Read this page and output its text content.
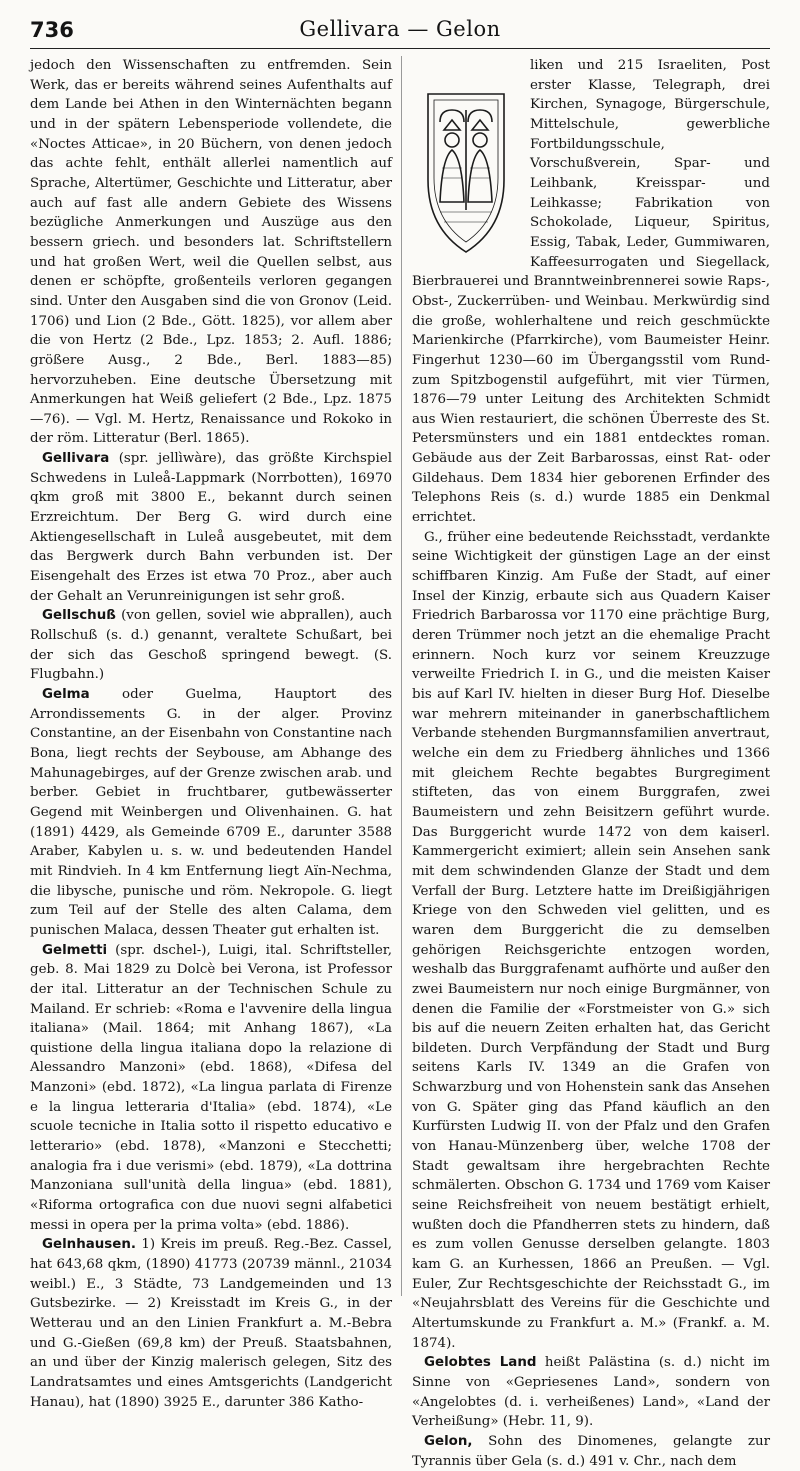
736	Gellivara — Gelon

jedoch den Wissenschaften zu entfremden. Sein Werk, das er bereits während seines Aufenthalts auf dem Lande bei Athen in den Winternächten begann und in der spätern Lebensperiode vollendete, die «Noctes Atticae», in 20 Büchern, von denen jedoch das achte fehlt, enthält allerlei namentlich auf Sprache, Altertümer, Geschichte und Litteratur, aber auch auf fast alle andern Gebiete des Wissens bezügliche Anmerkungen und Auszüge aus den bessern griech. und besonders lat. Schriftstellern und hat großen Wert, weil die Quellen selbst, aus denen er schöpfte, großenteils verloren gegangen sind. Unter den Ausgaben sind die von Gronov (Leid. 1706) und Lion (2 Bde., Gött. 1825), vor allem aber die von Hertz (2 Bde., Lpz. 1853; 2. Aufl. 1886; größere Ausg., 2 Bde., Berl. 1883—85) hervorzuheben. Eine deutsche Übersetzung mit Anmerkungen hat Weiß geliefert (2 Bde., Lpz. 1875—76). — Vgl. M. Hertz, Renaissance und Rokoko in der röm. Litteratur (Berl. 1865).

Gellivara (spr. jellìwàre), das größte Kirchspiel Schwedens in Luleå-Lappmark (Norrbotten), 16970 qkm groß mit 3800 E., bekannt durch seinen Erzreichtum. Der Berg G. wird durch eine Aktiengesellschaft in Luleå ausgebeutet, mit dem das Bergwerk durch Bahn verbunden ist. Der Eisengehalt des Erzes ist etwa 70 Proz., aber auch der Gehalt an Verunreinigungen ist sehr groß.

Gellschuß (von gellen, soviel wie abprallen), auch Rollschuß (s. d.) genannt, veraltete Schußart, bei der sich das Geschoß springend bewegt. (S. Flugbahn.)

Gelma oder Guelma, Hauptort des Arrondissements G. in der alger. Provinz Constantine, an der Eisenbahn von Constantine nach Bona, liegt rechts der Seybouse, am Abhange des Mahunagebirges, auf der Grenze zwischen arab. und berber. Gebiet in fruchtbarer, gutbewässerter Gegend mit Weinbergen und Olivenhainen. G. hat (1891) 4429, als Gemeinde 6709 E., darunter 3588 Araber, Kabylen u. s. w. und bedeutenden Handel mit Rindvieh. In 4 km Entfernung liegt Aïn-Nechma, die libysche, punische und röm. Nekropole. G. liegt zum Teil auf der Stelle des alten Calama, dem punischen Malaca, dessen Theater gut erhalten ist.

Gelmetti (spr. dschel-), Luigi, ital. Schriftsteller, geb. 8. Mai 1829 zu Dolcè bei Verona, ist Professor der ital. Litteratur an der Technischen Schule zu Mailand. Er schrieb: «Roma e l'avvenire della lingua italiana» (Mail. 1864; mit Anhang 1867), «La quistione della lingua italiana dopo la relazione di Alessandro Manzoni» (ebd. 1868), «Difesa del Manzoni» (ebd. 1872), «La lingua parlata di Firenze e la lingua letteraria d'Italia» (ebd. 1874), «Le scuole tecniche in Italia sotto il rispetto educativo e letterario» (ebd. 1878), «Manzoni e Stecchetti; analogia fra i due verismi» (ebd. 1879), «La dottrina Manzoniana sull'unità della lingua» (ebd. 1881), «Riforma ortografica con due nuovi segni alfabetici messi in opera per la prima volta» (ebd. 1886).

Gelnhausen. 1) Kreis im preuß. Reg.-Bez. Cassel, hat 643,68 qkm, (1890) 41773 (20739 männl., 21034 weibl.) E., 3 Städte, 73 Landgemeinden und 13 Gutsbezirke. — 2) Kreisstadt im Kreis G., in der Wetterau und an den Linien Frankfurt a. M.-Bebra und G.-Gießen (69,8 km) der Preuß. Staatsbahnen, an und über der Kinzig malerisch gelegen, Sitz des Landratsamtes und eines Amtsgerichts (Landgericht Hanau), hat (1890) 3925 E., darunter 386 Katho-

liken und 215 Israeliten, Post erster Klasse, Telegraph, drei Kirchen, Synagoge, Bürgerschule, Mittelschule, gewerbliche Fortbildungsschule, Vorschußverein, Spar- und Leihbank, Kreisspar- und Leihkasse; Fabrikation von Schokolade, Liqueur, Spiritus, Essig, Tabak, Leder, Gummiwaren, Kaffeesurrogaten und Siegellack, Bierbrauerei und Branntweinbrennerei sowie Raps-, Obst-, Zuckerrüben- und Weinbau. Merkwürdig sind die große, wohlerhaltene und reich geschmückte Marienkirche (Pfarrkirche), vom Baumeister Heinr. Fingerhut 1230—60 im Übergangsstil vom Rund- zum Spitzbogenstil aufgeführt, mit vier Türmen, 1876—79 unter Leitung des Architekten Schmidt aus Wien restauriert, die schönen Überreste des St. Petersmünsters und ein 1881 entdecktes roman. Gebäude aus der Zeit Barbarossas, einst Rat- oder Gildehaus. Dem 1834 hier geborenen Erfinder des Telephons Reis (s. d.) wurde 1885 ein Denkmal errichtet.

G., früher eine bedeutende Reichsstadt, verdankte seine Wichtigkeit der günstigen Lage an der einst schiffbaren Kinzig. Am Fuße der Stadt, auf einer Insel der Kinzig, erbaute sich aus Quadern Kaiser Friedrich Barbarossa vor 1170 eine prächtige Burg, deren Trümmer noch jetzt an die ehemalige Pracht erinnern. Noch kurz vor seinem Kreuzzuge verweilte Friedrich I. in G., und die meisten Kaiser bis auf Karl IV. hielten in dieser Burg Hof. Dieselbe war mehrern miteinander in ganerbschaftlichem Verbande stehenden Burgmannsfamilien anvertraut, welche ein dem zu Friedberg ähnliches und 1366 mit gleichem Rechte begabtes Burgregiment stifteten, das von einem Burggrafen, zwei Baumeistern und zehn Beisitzern geführt wurde. Das Burggericht wurde 1472 von dem kaiserl. Kammergericht eximiert; allein sein Ansehen sank mit dem schwindenden Glanze der Stadt und dem Verfall der Burg. Letztere hatte im Dreißigjährigen Kriege von den Schweden viel gelitten, und es waren dem Burggericht die zu demselben gehörigen Reichsgerichte entzogen worden, weshalb das Burggrafenamt aufhörte und außer den zwei Baumeistern nur noch einige Burgmänner, von denen die Familie der «Forstmeister von G.» sich bis auf die neuern Zeiten erhalten hat, das Gericht bildeten. Durch Verpfändung der Stadt und Burg seitens Karls IV. 1349 an die Grafen von Schwarzburg und von Hohenstein sank das Ansehen von G. Später ging das Pfand käuflich an den Kurfürsten Ludwig II. von der Pfalz und den Grafen von Hanau-Münzenberg über, welche 1708 der Stadt gewaltsam ihre hergebrachten Rechte schmälerten. Obschon G. 1734 und 1769 vom Kaiser seine Reichsfreiheit von neuem bestätigt erhielt, wußten doch die Pfandherren stets zu hindern, daß es zum vollen Genusse derselben gelangte. 1803 kam G. an Kurhessen, 1866 an Preußen. — Vgl. Euler, Zur Rechtsgeschichte der Reichsstadt G., im «Neujahrsblatt des Vereins für die Geschichte und Altertumskunde zu Frankfurt a. M.» (Frankf. a. M. 1874).

Gelobtes Land heißt Palästina (s. d.) nicht im Sinne von «Gepriesenes Land», sondern von «Angelobtes (d. i. verheißenes) Land», «Land der Verheißung» (Hebr. 11, 9).

Gelon, Sohn des Dinomenes, gelangte zur Tyrannis über Gela (s. d.) 491 v. Chr., nach dem
